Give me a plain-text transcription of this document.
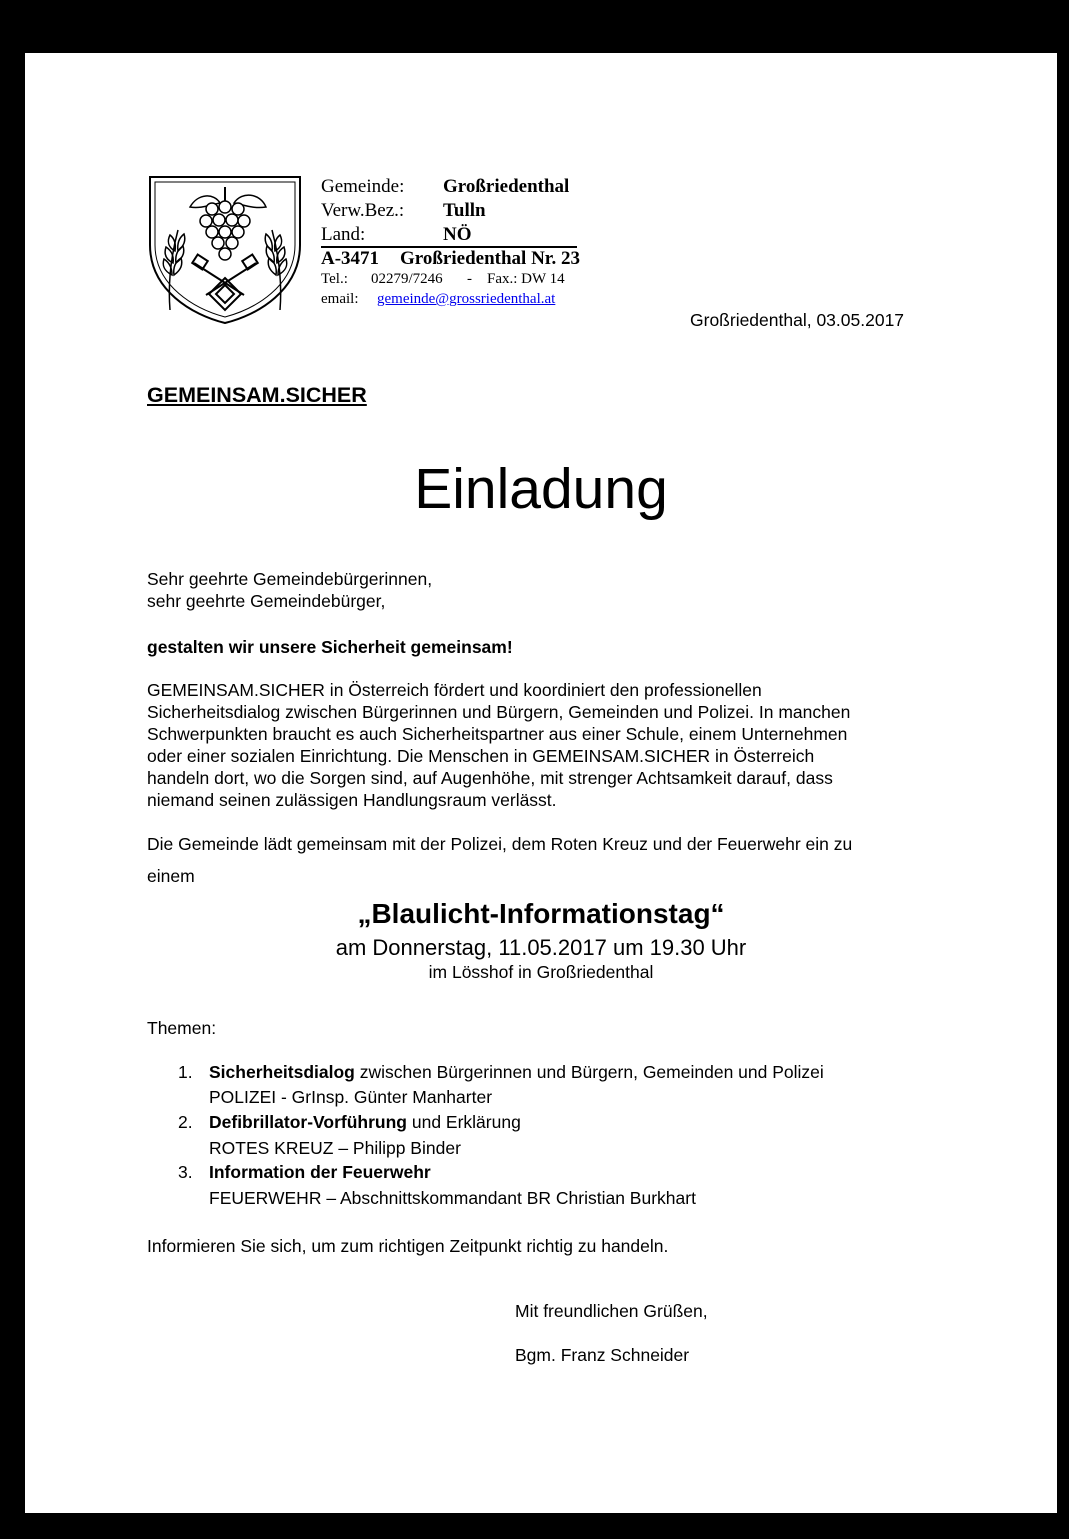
Gemeinde: Großriedenthal
Verw.Bez.: Tulln
Land:	NÖ
A-3471 Großriedenthal Nr. 23
Tel.: 02279/7246 - Fax.: DW 14
email: gemeinde@grossriedenthal.at
Großriedenthal, 03.05.2017
GEMEINSAM.SICHER
Einladung
Sehr geehrte Gemeindebürgerinnen,
sehr geehrte Gemeindebürger,
gestalten wir unsere Sicherheit gemeinsam!
GEMEINSAM.SICHER in Österreich fördert und koordiniert den professionellen
Sicherheitsdialog zwischen Bürgerinnen und Bürgern, Gemeinden und Polizei. In manchen
Schwerpunkten braucht es auch Sicherheitspartner aus einer Schule, einem Unternehmen
oder einer sozialen Einrichtung. Die Menschen in GEMEINSAM.SICHER in Österreich
handeln dort, wo die Sorgen sind, auf Augenhöhe, mit strenger Achtsamkeit darauf, dass
niemand seinen zulässigen Handlungsraum verlässt.
Die Gemeinde lädt gemeinsam mit der Polizei, dem Roten Kreuz und der Feuerwehr ein zu
einem
„Blaulicht-Informationstag“
am Donnerstag, 11.05.2017 um 19.30 Uhr
im Lösshof in Großriedenthal
Themen:
1. Sicherheitsdialog zwischen Bürgerinnen und Bürgern, Gemeinden und Polizei
POLIZEI - GrInsp. Günter Manharter
2. Defibrillator-Vorführung und Erklärung
ROTES KREUZ – Philipp Binder
3. Information der Feuerwehr
FEUERWEHR – Abschnittskommandant BR Christian Burkhart
Informieren Sie sich, um zum richtigen Zeitpunkt richtig zu handeln.
Mit freundlichen Grüßen,
Bgm. Franz Schneider
